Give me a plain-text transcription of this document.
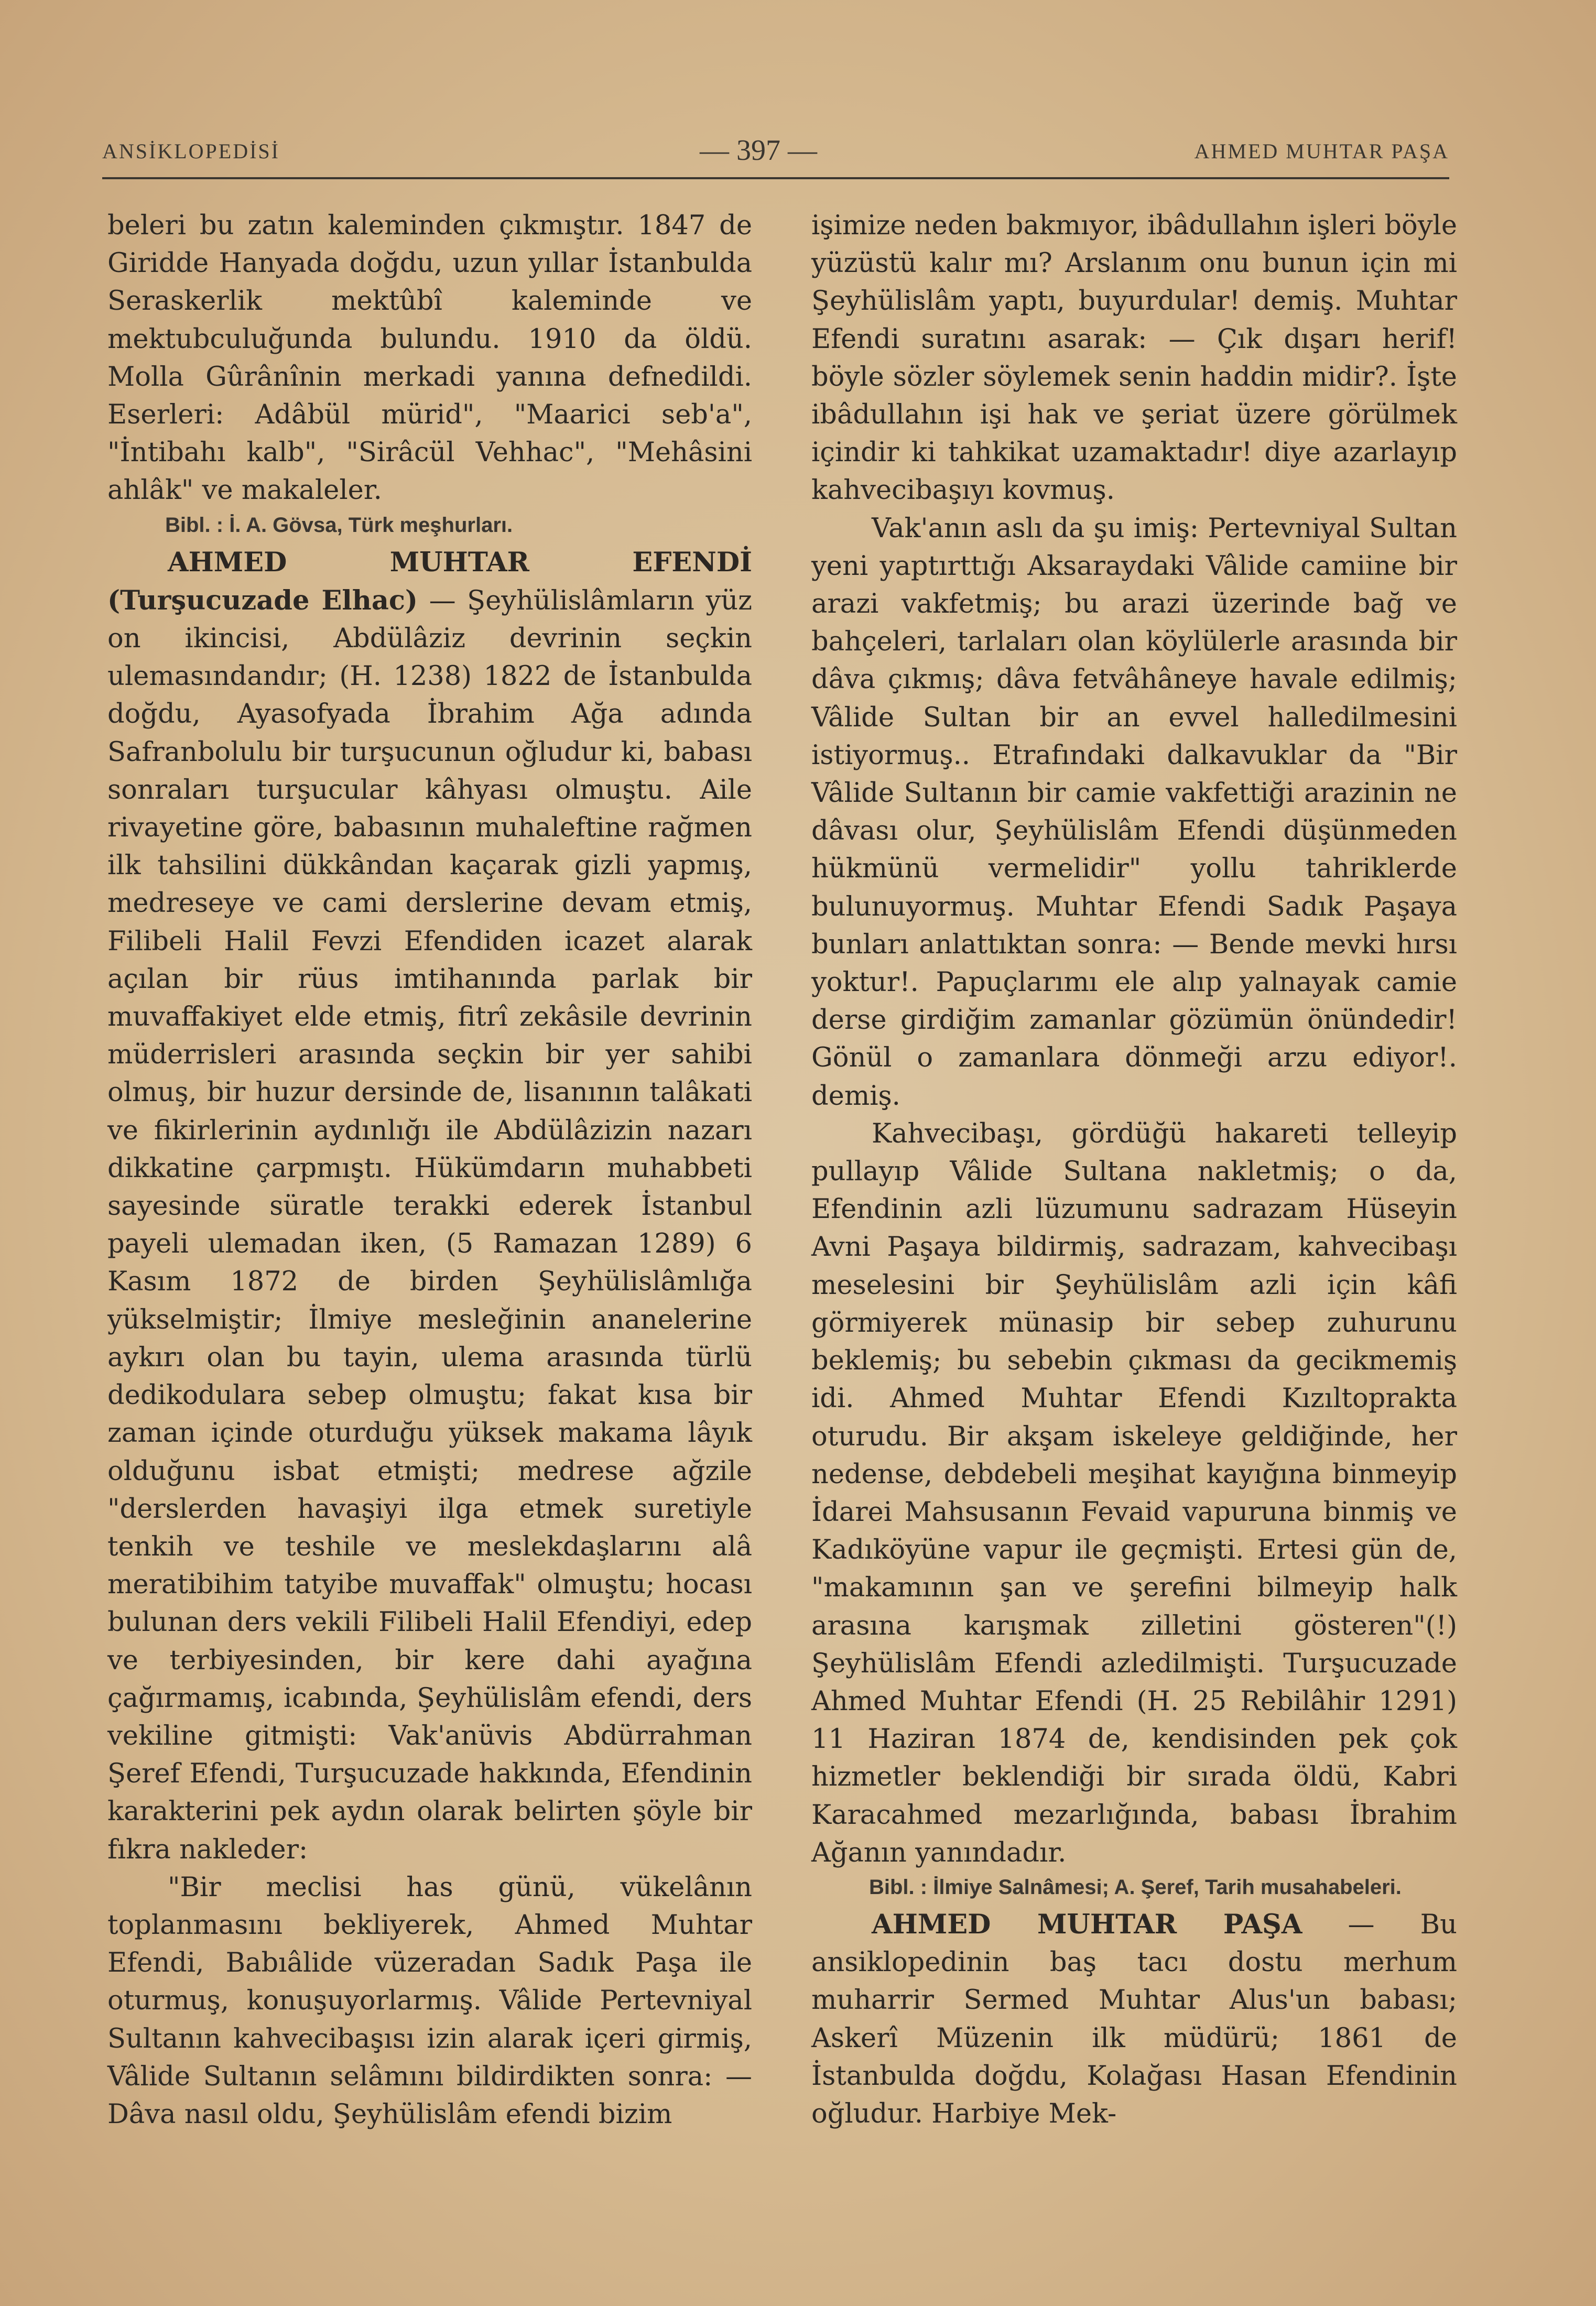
ANSİKLOPEDİSİ	— 397 —	AHMED MUHTAR PAŞA

beleri bu zatın kaleminden çıkmıştır. 1847 de Giridde Hanyada doğdu, uzun yıllar İstanbulda Seraskerlik mektûbî kaleminde ve mektubculuğunda bulundu. 1910 da öldü. Molla Gûrânînin merkadi yanına defnedildi. Eserleri: Adâbül mürid", "Maarici seb'a", "İntibahı kalb", "Sirâcül Vehhac", "Mehâsini ahlâk" ve makaleler.

Bibl. : İ. A. Gövsa, Türk meşhurları.

AHMED MUHTAR EFENDİ (Turşucuzade Elhac) — Şeyhülislâmların yüz on ikincisi, Abdülâziz devrinin seçkin ulemasındandır; (H. 1238) 1822 de İstanbulda doğdu, Ayasofyada İbrahim Ağa adında Safranbolulu bir turşucunun oğludur ki, babası sonraları turşucular kâhyası olmuştu. Aile rivayetine göre, babasının muhaleftine rağmen ilk tahsilini dükkândan kaçarak gizli yapmış, medreseye ve cami derslerine devam etmiş, Filibeli Halil Fevzi Efendiden icazet alarak açılan bir rüus imtihanında parlak bir muvaffakiyet elde etmiş, fitrî zekâsile devrinin müderrisleri arasında seçkin bir yer sahibi olmuş, bir huzur dersinde de, lisanının talâkati ve fikirlerinin aydınlığı ile Abdülâzizin nazarı dikkatine çarpmıştı. Hükümdarın muhabbeti sayesinde süratle terakki ederek İstanbul payeli ulemadan iken, (5 Ramazan 1289) 6 Kasım 1872 de birden Şeyhülislâmlığa yükselmiştir; İlmiye mesleğinin ananelerine aykırı olan bu tayin, ulema arasında türlü dedikodulara sebep olmuştu; fakat kısa bir zaman içinde oturduğu yüksek makama lâyık olduğunu isbat etmişti; medrese ağzile "derslerden havaşiyi ilga etmek suretiyle tenkih ve teshile ve meslekdaşlarını alâ meratibihim tatyibe muvaffak" olmuştu; hocası bulunan ders vekili Filibeli Halil Efendiyi, edep ve terbiyesinden, bir kere dahi ayağına çağırmamış, icabında, Şeyhülislâm efendi, ders vekiline gitmişti: Vak'anüvis Abdürrahman Şeref Efendi, Turşucuzade hakkında, Efendinin karakterini pek aydın olarak belirten şöyle bir fıkra nakleder:

"Bir meclisi has günü, vükelânın toplanmasını bekliyerek, Ahmed Muhtar Efendi, Babıâlide vüzeradan Sadık Paşa ile oturmuş, konuşuyorlarmış. Vâlide Pertevniyal Sultanın kahvecibaşısı izin alarak içeri girmiş, Vâlide Sultanın selâmını bildirdikten sonra: — Dâva nasıl oldu, Şeyhülislâm efendi bizim

işimize neden bakmıyor, ibâdullahın işleri böyle yüzüstü kalır mı? Arslanım onu bunun için mi Şeyhülislâm yaptı, buyurdular! demiş. Muhtar Efendi suratını asarak: — Çık dışarı herif! böyle sözler söylemek senin haddin midir?. İşte ibâdullahın işi hak ve şeriat üzere görülmek içindir ki tahkikat uzamaktadır! diye azarlayıp kahvecibaşıyı kovmuş.

Vak'anın aslı da şu imiş: Pertevniyal Sultan yeni yaptırttığı Aksaraydaki Vâlide camiine bir arazi vakfetmiş; bu arazi üzerinde bağ ve bahçeleri, tarlaları olan köylülerle arasında bir dâva çıkmış; dâva fetvâhâneye havale edilmiş; Vâlide Sultan bir an evvel halledilmesini istiyormuş.. Etrafındaki dalkavuklar da "Bir Vâlide Sultanın bir camie vakfettiği arazinin ne dâvası olur, Şeyhülislâm Efendi düşünmeden hükmünü vermelidir" yollu tahriklerde bulunuyormuş. Muhtar Efendi Sadık Paşaya bunları anlattıktan sonra: — Bende mevki hırsı yoktur!. Papuçlarımı ele alıp yalnayak camie derse girdiğim zamanlar gözümün önündedir! Gönül o zamanlara dönmeği arzu ediyor!. demiş.

Kahvecibaşı, gördüğü hakareti telleyip pullayıp Vâlide Sultana nakletmiş; o da, Efendinin azli lüzumunu sadrazam Hüseyin Avni Paşaya bildirmiş, sadrazam, kahvecibaşı meselesini bir Şeyhülislâm azli için kâfi görmiyerek münasip bir sebep zuhurunu beklemiş; bu sebebin çıkması da gecikmemiş idi. Ahmed Muhtar Efendi Kızıltoprakta oturudu. Bir akşam iskeleye geldiğinde, her nedense, debdebeli meşihat kayığına binmeyip İdarei Mahsusanın Fevaid vapuruna binmiş ve Kadıköyüne vapur ile geçmişti. Ertesi gün de, "makamının şan ve şerefini bilmeyip halk arasına karışmak zilletini gösteren"(!) Şeyhülislâm Efendi azledilmişti. Turşucuzade Ahmed Muhtar Efendi (H. 25 Rebilâhir 1291) 11 Haziran 1874 de, kendisinden pek çok hizmetler beklendiği bir sırada öldü, Kabri Karacahmed mezarlığında, babası İbrahim Ağanın yanındadır.

Bibl. : İlmiye Salnâmesi; A. Şeref, Tarih musahabeleri.

AHMED MUHTAR PAŞA — Bu ansiklopedinin baş tacı dostu merhum muharrir Sermed Muhtar Alus'un babası; Askerî Müzenin ilk müdürü; 1861 de İstanbulda doğdu, Kolağası Hasan Efendinin oğludur. Harbiye Mek-
